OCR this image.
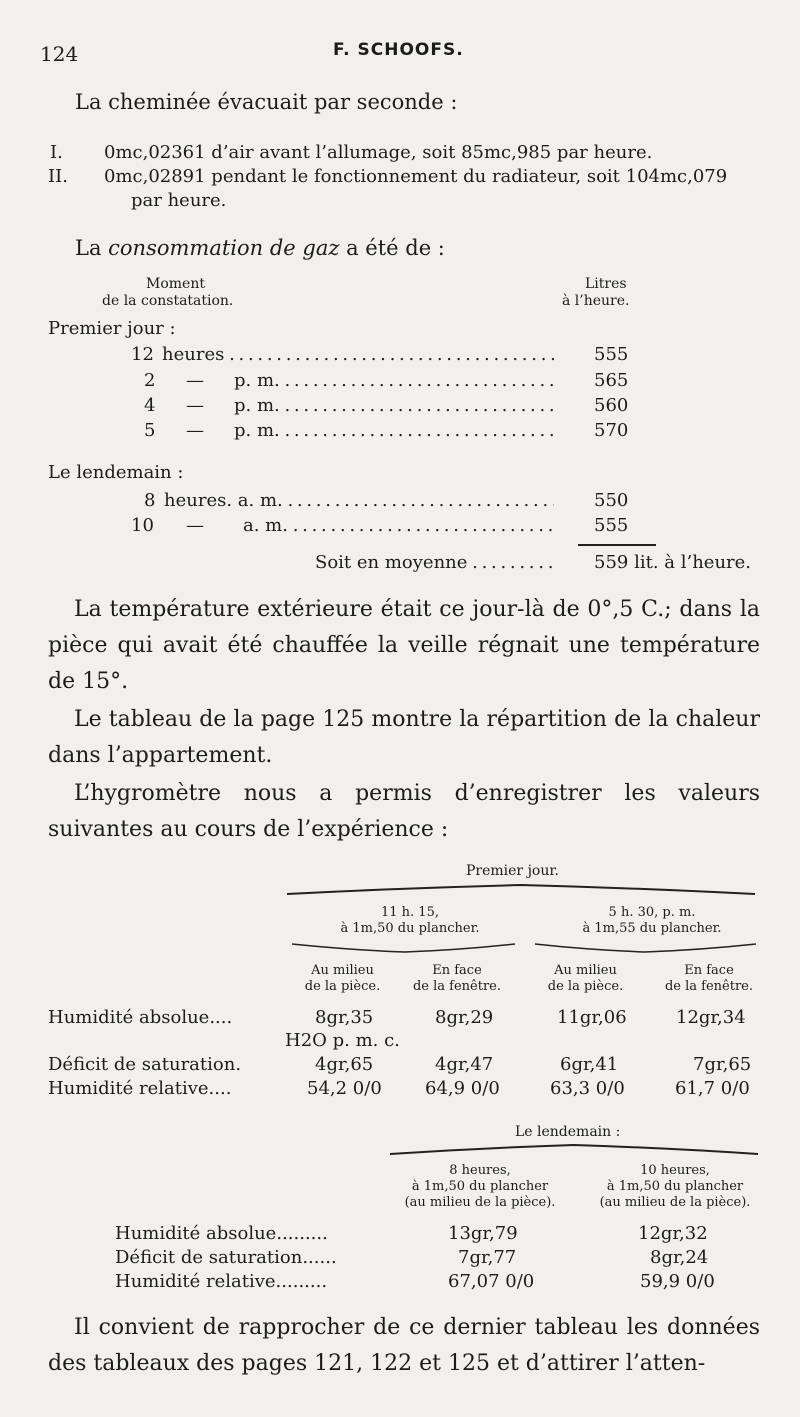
124	F. SCHOOFS.
La cheminée évacuait par seconde :
I. 0mc,02361 d’air avant l’allumage, soit 85mc,985 par heure.
II. 0mc,02891 pendant le fonctionnement du radiateur, soit 104mc,079
par heure.
La consommation de gaz a été de :
Moment
de la constatation.
Litres
à l’heure.
Premier jour :
12 heures . . .	555
2 — p. m. . . .	565
4 — p. m. . . .	560
5 — p. m. . . .	570
Le lendemain :
8 heures. a. m. . . .	550
10 — a. m. . . .	555
Soit en moyenne . . .	559 lit. à l’heure.
La température extérieure était ce jour-là de 0°,5 C.; dans la pièce qui avait été chauffée la veille régnait une température de 15°.
Le tableau de la page 125 montre la répartition de la chaleur dans l’appartement.
L’hygromètre nous a permis d’enregistrer les valeurs suivantes au cours de l’expérience :
Premier jour.
11 h. 15,
à 1m,50 du plancher.
5 h. 30, p. m.
à 1m,55 du plancher.
Au milieu
de la pièce.
En face
de la fenêtre.
Au milieu
de la pièce.
En face
de la fenêtre.
Humidité absolue....	8gr,35	8gr,29	11gr,06	12gr,34
H2O p. m. c.
Déficit de saturation.	4gr,65	4gr,47	6gr,41	7gr,65
Humidité relative....	54,2 0/0 64,9 0/0	63,3 0/0	61,7 0/0
Le lendemain :
8 heures,
à 1m,50 du plancher
(au milieu de la pièce).
10 heures,
à 1m,50 du plancher
(au milieu de la pièce).
Humidité absolue.........	13gr,79	12gr,32
Déficit de saturation......	7gr,77	8gr,24
Humidité relative.........	67,07 0/0	59,9 0/0
Il convient de rapprocher de ce dernier tableau les données des tableaux des pages 121, 122 et 125 et d’attirer l’atten-
